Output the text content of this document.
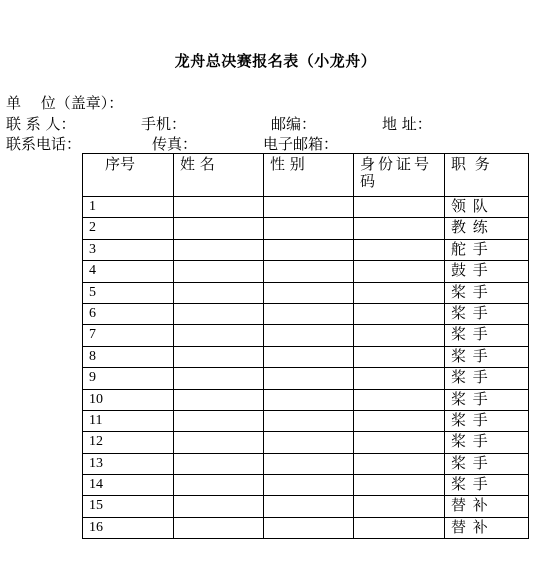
龙舟总决赛报名表（小龙舟）
单　 位（盖章）：
联 系 人：	手机：	邮编：	地 址：
联系电话：	传真：	电子邮箱：
序号	姓 名	性 别	身份证号码	职 务
1				领 队
2				教 练
3				舵 手
4				鼓 手
5				桨 手
6				桨 手
7				桨 手
8				桨 手
9				桨 手
10				桨 手
11				桨 手
12				桨 手
13				桨 手
14				桨 手
15				替 补
16				替 补
